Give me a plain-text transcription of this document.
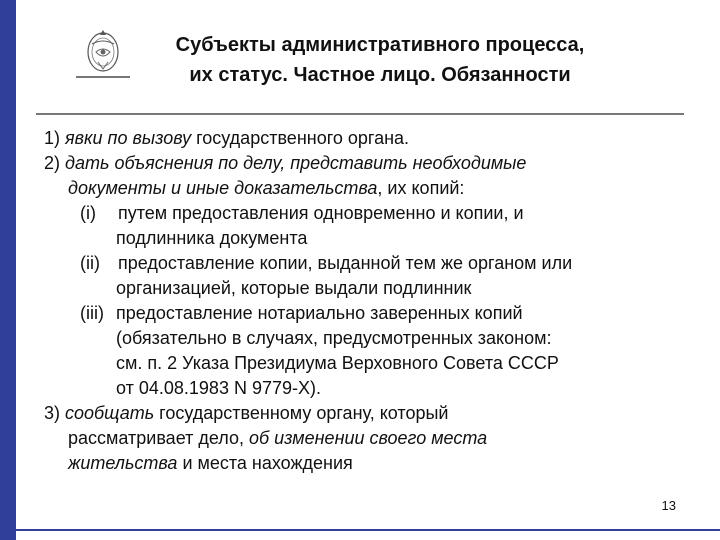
Субъекты административного процесса,
их статус. Частное лицо. Обязанности
1) явки по вызову государственного органа.
2) дать объяснения по делу, представить необходимые
документы и иные доказательства, их копий:
(i) путем предоставления одновременно и копии, и
подлинника документа
(ii) предоставление копии, выданной тем же органом или
организацией, которые выдали подлинник
(iii) предоставление нотариально заверенных копий
(обязательно в случаях, предусмотренных законом:
см. п. 2 Указа Президиума Верховного Совета СССР
от 04.08.1983 N 9779-X).
3) сообщать государственному органу, который
рассматривает дело, об изменении своего места
жительства и места нахождения
13
